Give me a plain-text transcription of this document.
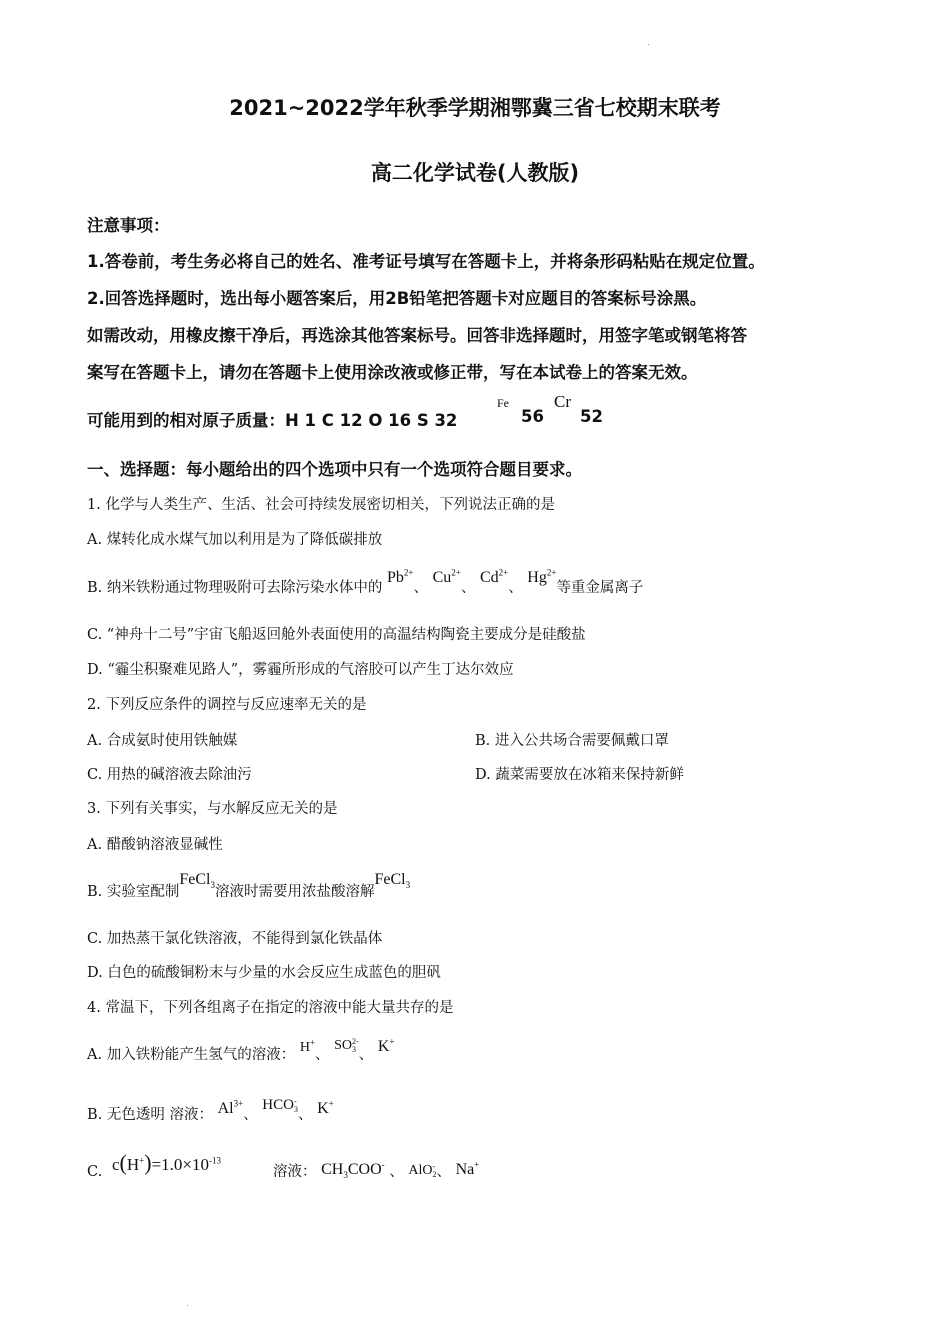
2021~2022学年秋季学期湘鄂冀三省七校期末联考
高二化学试卷(人教版)
注意事项：
1.答卷前，考生务必将自己的姓名、准考证号填写在答题卡上，并将条形码粘贴在规定位置。
2.回答选择题时，选出每小题答案后，用2B铅笔把答题卡对应题目的答案标号涂黑。
如需改动，用橡皮擦干净后，再选涂其他答案标号。回答非选择题时，用签字笔或钢笔将答
案写在答题卡上，请勿在答题卡上使用涂改液或修正带，写在本试卷上的答案无效。
可能用到的相对原子质量：H 1 C 12 O 16 S 32
Fe
56
Cr
52
一、选择题：每小题给出的四个选项中只有一个选项符合题目要求。
1. 化学与人类生产、生活、社会可持续发展密切相关，下列说法正确的是
A. 煤转化成水煤气加以利用是为了降低碳排放
B. 纳米铁粉通过物理吸附可去除污染水体中的 $Pb^{2+}$、 $Cu^{2+}$、 $Cd^{2+}$、 $Hg^{2+}$等重金属离子
C. “神舟十二号”宇宙飞船返回舱外表面使用的高温结构陶瓷主要成分是硅酸盐
D. “霾尘积聚难见路人”，雾霾所形成的气溶胶可以产生丁达尔效应
2. 下列反应条件的调控与反应速率无关的是
A. 合成氨时使用铁触媒	B. 进入公共场合需要佩戴口罩
C. 用热的碱溶液去除油污	D. 蔬菜需要放在冰箱来保持新鲜
3. 下列有关事实，与水解反应无关的是
A. 醋酸钠溶液显碱性
B. 实验室配制FeCl$_3$溶液时需要用浓盐酸溶解FeCl$_3$
C. 加热蒸干氯化铁溶液，不能得到氯化铁晶体
D. 白色的硫酸铜粉末与少量的水会反应生成蓝色的胆矾
4. 常温下，下列各组离子在指定的溶液中能大量共存的是
A. 加入铁粉能产生氢气的溶液： H+、 SO2-
3 、 K+
B. 无色透明 溶液： $Al^{3+}$、 HCO-
3、 K+
C. $c(H^+)=1.0\times 10^{-13}$
溶液： $CH_3COO^-$ 、 AlO-
2、 Na+
